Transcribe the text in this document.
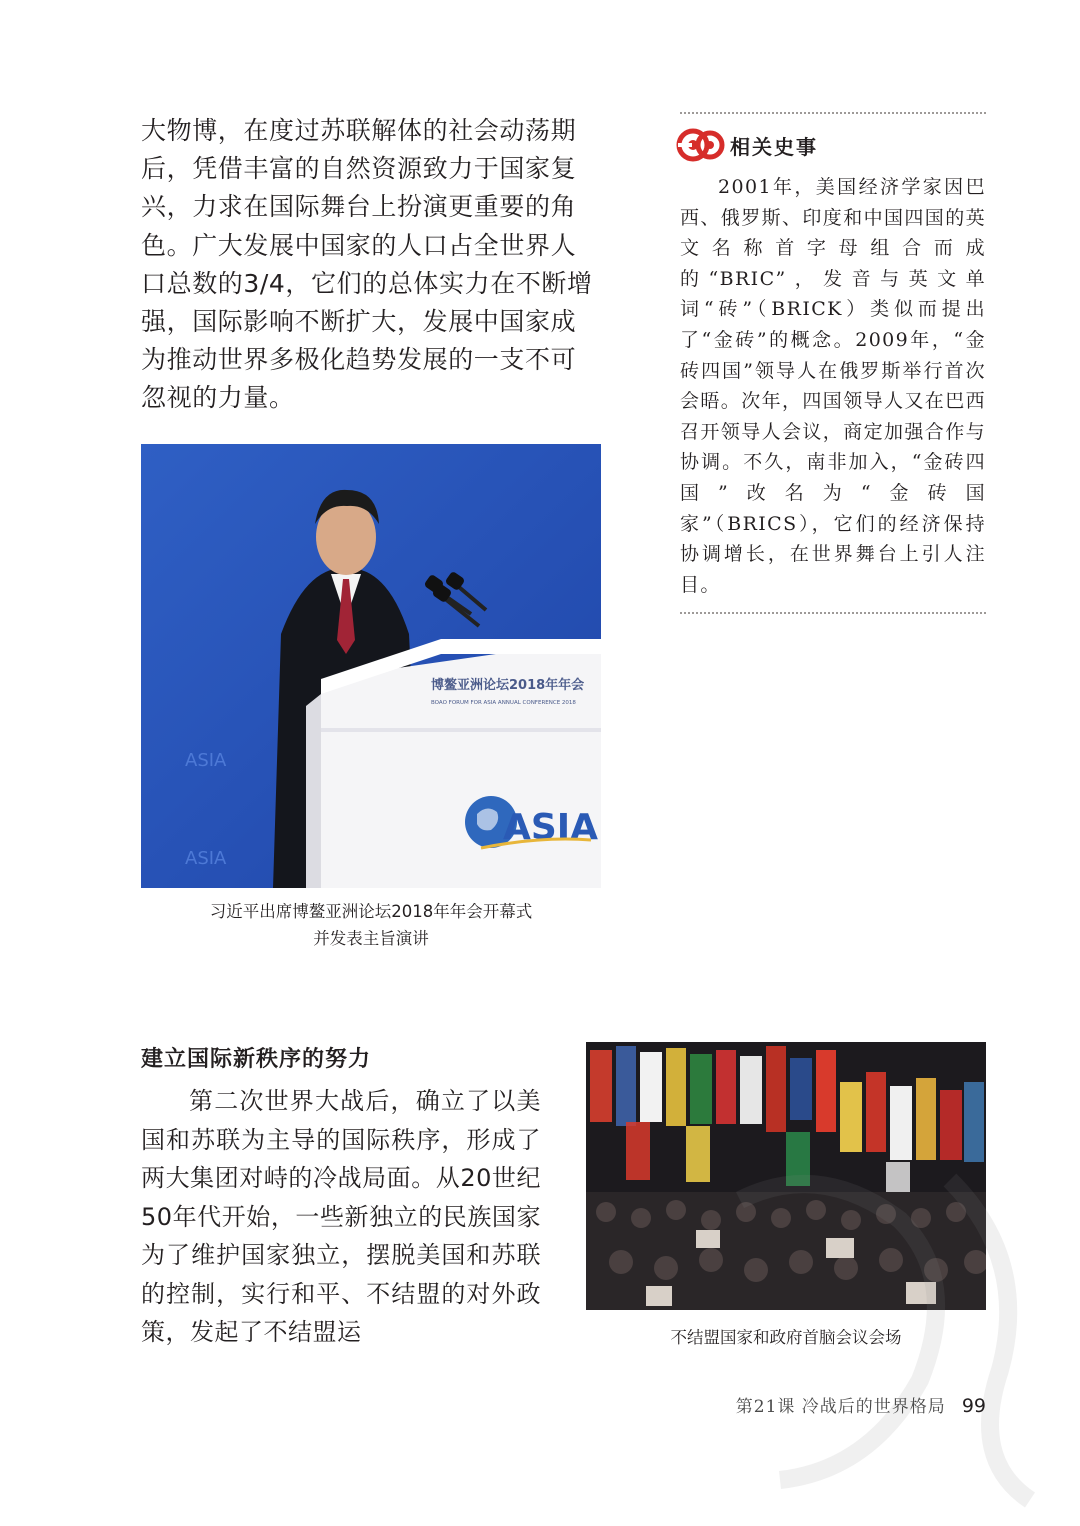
大物博，在度过苏联解体的社会动荡期

后，凭借丰富的自然资源致力于国家复

兴，力求在国际舞台上扮演更重要的角

色。广大发展中国家的人口占全世界人

口总数的3/4，它们的总体实力在不断增

强，国际影响不断扩大，发展中国家成

为推动世界多极化趋势发展的一支不可

忽视的力量。

相关史事

2001年，美国经济学家因巴西、俄罗斯、印度和中国四国的英文名称首字母组合而成的“BRIC”，发音与英文单词“砖”（BRICK）类似而提出了“金砖”的概念。2009年，“金砖四国”领导人在俄罗斯举行首次会晤。次年，四国领导人又在巴西召开领导人会议，商定加强合作与协调。不久，南非加入，“金砖四国”改名为“金砖国家”（BRICS），它们的经济保持协调增长，在世界舞台上引人注目。

ASIA
ASIA
博鳌亚洲论坛2018年年会
BOAO FORUM FOR ASIA ANNUAL CONFERENCE 2018
ASIA
习近平出席博鳌亚洲论坛2018年年会开幕式
并发表主旨演讲
建立国际新秩序的努力

第二次世界大战后，确立了以美国和苏联为主导的国际秩序，形成了两大集团对峙的冷战局面。从20世纪50年代开始，一些新独立的民族国家为了维护国家独立，摆脱美国和苏联的控制，实行和平、不结盟的对外政策，发起了不结盟运	不结盟国家和政府首脑会议会场
第21课 冷战后的世界格局 99
